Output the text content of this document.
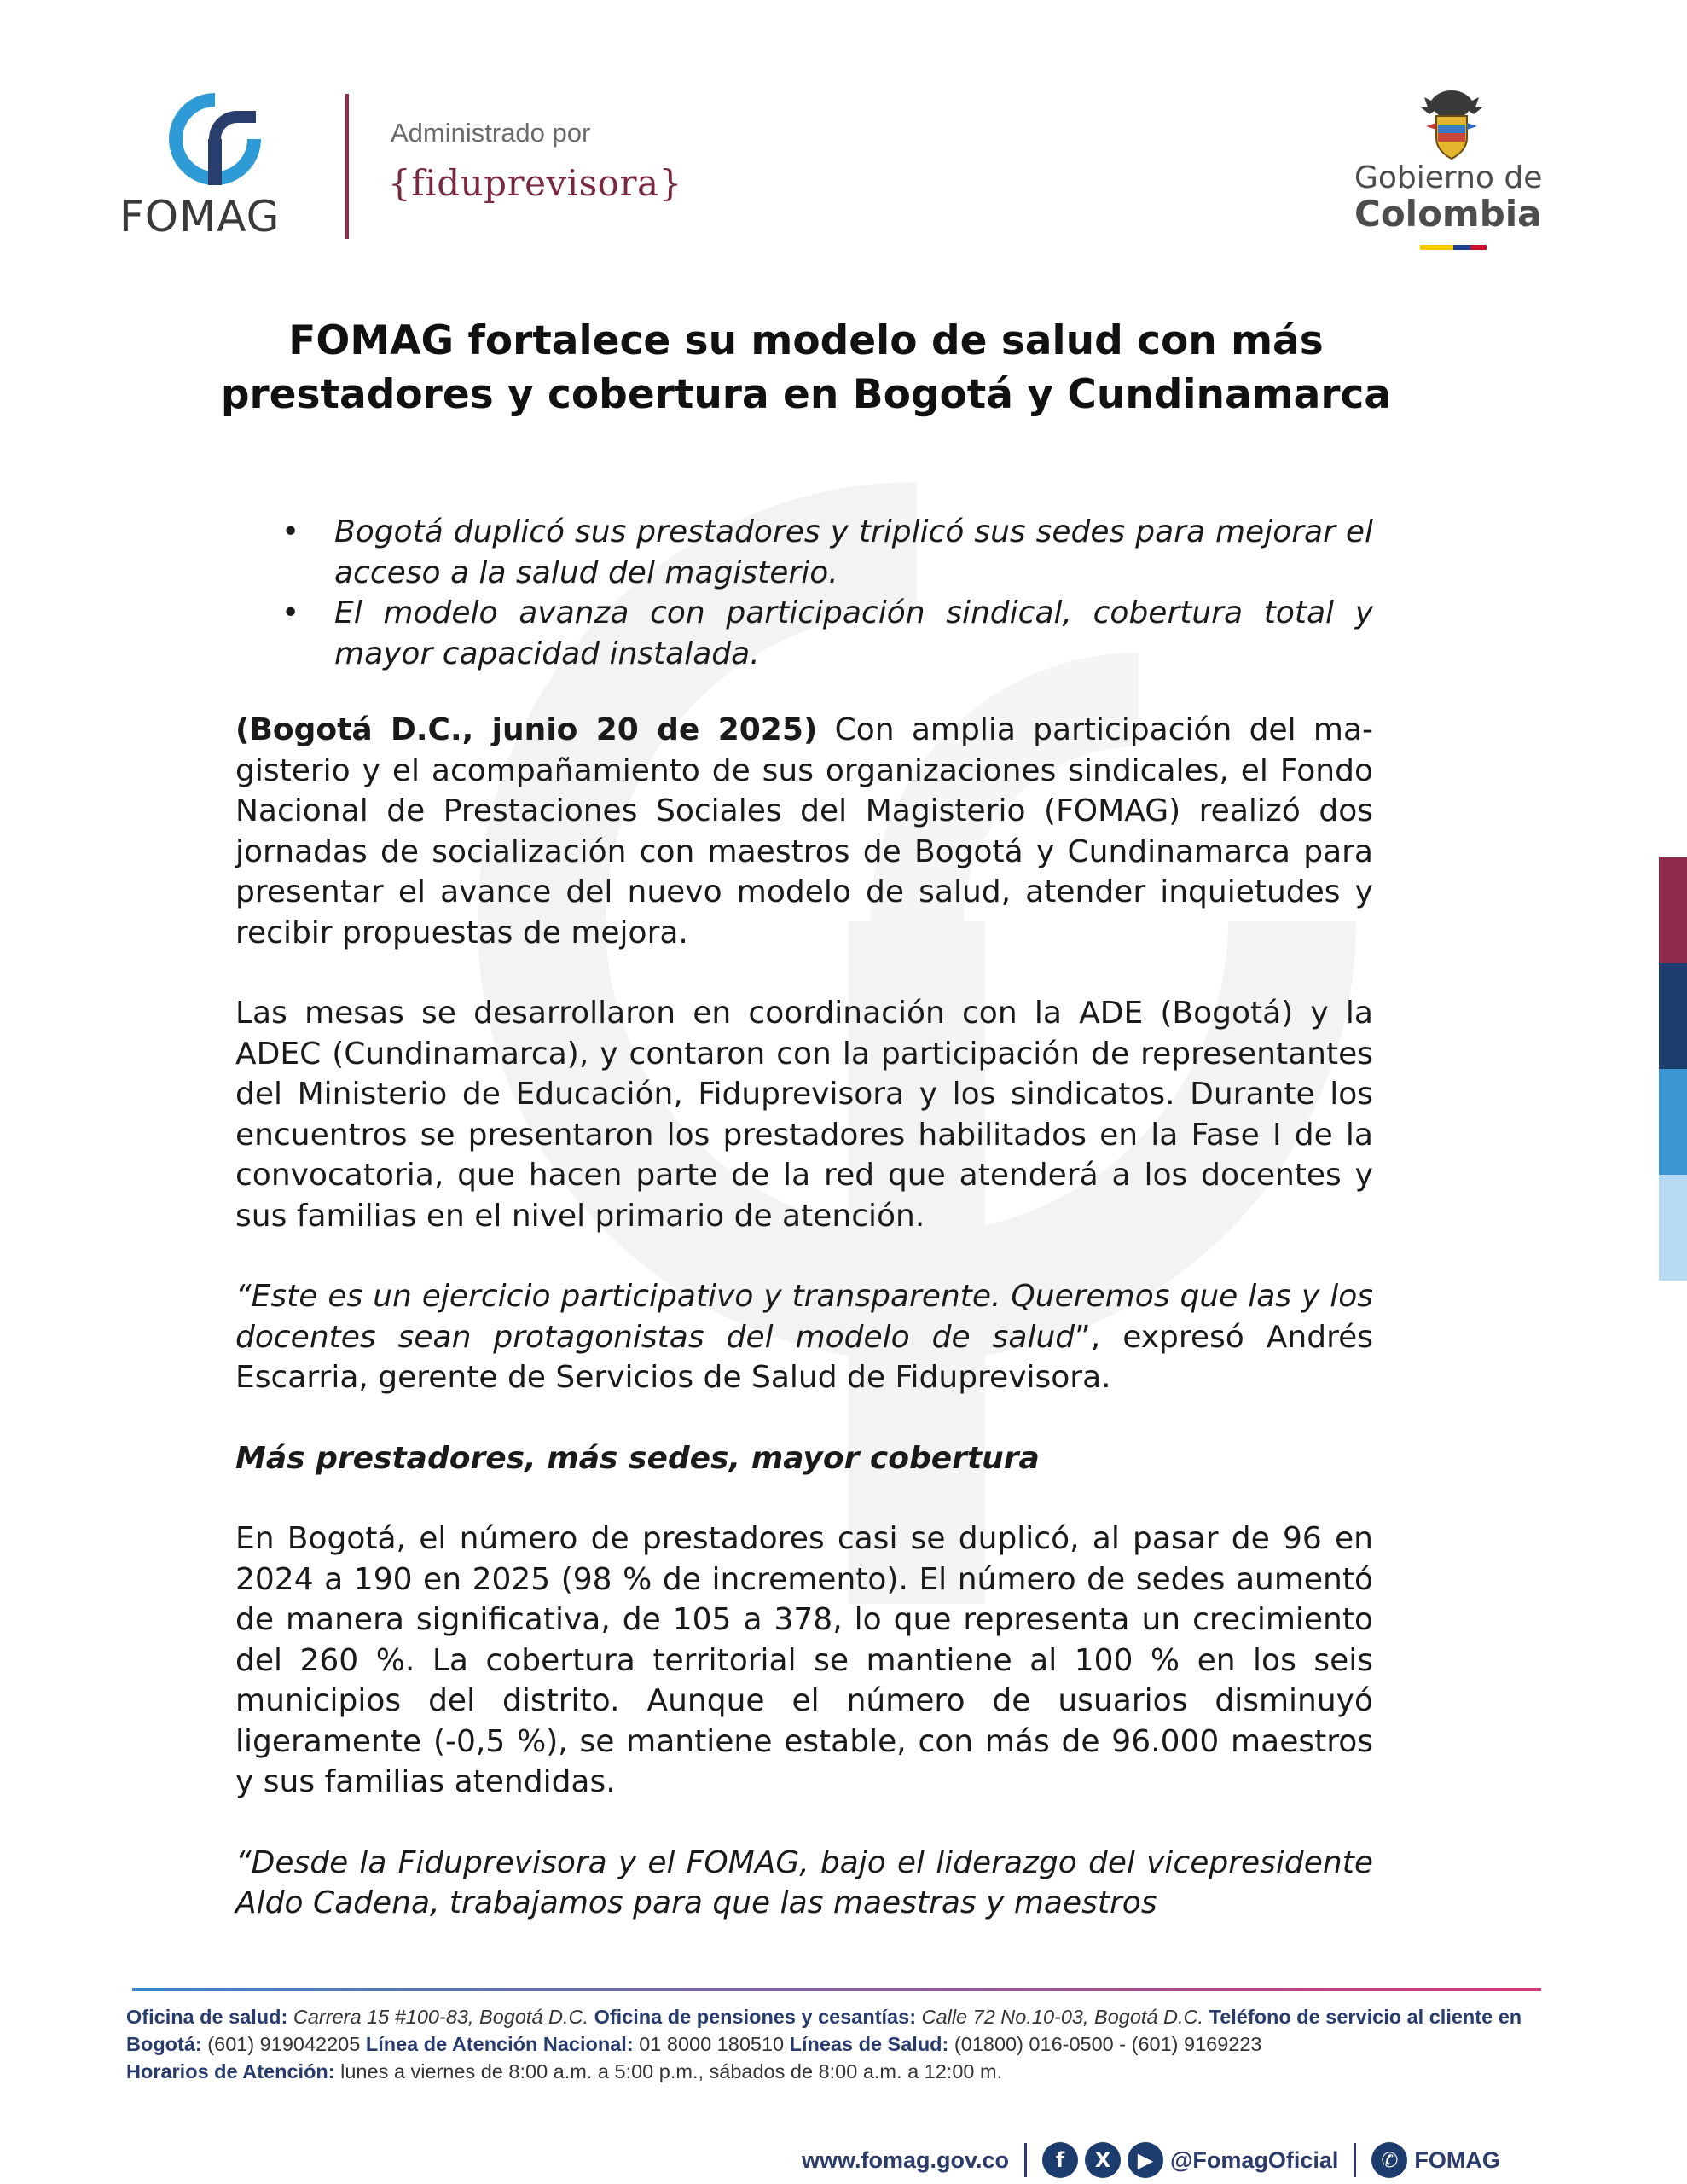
FOMAG
Administrado por
{fiduprevisora}	Gobierno de
Colombia
FOMAG fortalece su modelo de salud con más prestadores y cobertura en Bogotá y Cundinamarca
• Bogotá duplicó sus prestadores y triplicó sus sedes para mejorar el acceso a la salud del magisterio.
• El modelo avanza con participación sindical, cobertura total y mayor capacidad instalada.

(Bogotá D.C., junio 20 de 2025) Con amplia participación del magisterio y el acompañamiento de sus organizaciones sindicales, el Fondo Nacional de Prestaciones Sociales del Magisterio (FOMAG) realizó dos jornadas de socialización con maestros de Bogotá y Cundinamarca para presentar el avance del nuevo modelo de salud, atender inquietudes y recibir propuestas de mejora.

Las mesas se desarrollaron en coordinación con la ADE (Bogotá) y la ADEC (Cundinamarca), y contaron con la participación de representantes del Ministerio de Educación, Fiduprevisora y los sindicatos. Durante los encuentros se presentaron los prestadores habilitados en la Fase I de la convocatoria, que hacen parte de la red que atenderá a los docentes y sus familias en el nivel primario de atención.

“Este es un ejercicio participativo y transparente. Queremos que las y los docentes sean protagonistas del modelo de salud”, expresó Andrés Escarria, gerente de Servicios de Salud de Fiduprevisora.

Más prestadores, más sedes, mayor cobertura

En Bogotá, el número de prestadores casi se duplicó, al pasar de 96 en 2024 a 190 en 2025 (98 % de incremento). El número de sedes aumentó de manera significativa, de 105 a 378, lo que representa un crecimiento del 260 %. La cobertura territorial se mantiene al 100 % en los seis municipios del distrito. Aunque el número de usuarios disminuyó ligeramente (-0,5 %), se mantiene estable, con más de 96.000 maestros y sus familias atendidas.

“Desde la Fiduprevisora y el FOMAG, bajo el liderazgo del vicepresidente Aldo Cadena, trabajamos para que las maestras y maestros

Oficina de salud: Carrera 15 #100-83, Bogotá D.C. Oficina de pensiones y cesantías: Calle 72 No.10-03, Bogotá D.C. Teléfono de servicio al cliente en Bogotá: (601) 919042205 Línea de Atención Nacional: 01 8000 180510 Líneas de Salud: (01800) 016-0500 - (601) 9169223
Horarios de Atención: lunes a viernes de 8:00 a.m. a 5:00 p.m., sábados de 8:00 a.m. a 12:00 m.
www.fomag.gov.co	f	X	▶ @FomagOficial	✆ FOMAG
